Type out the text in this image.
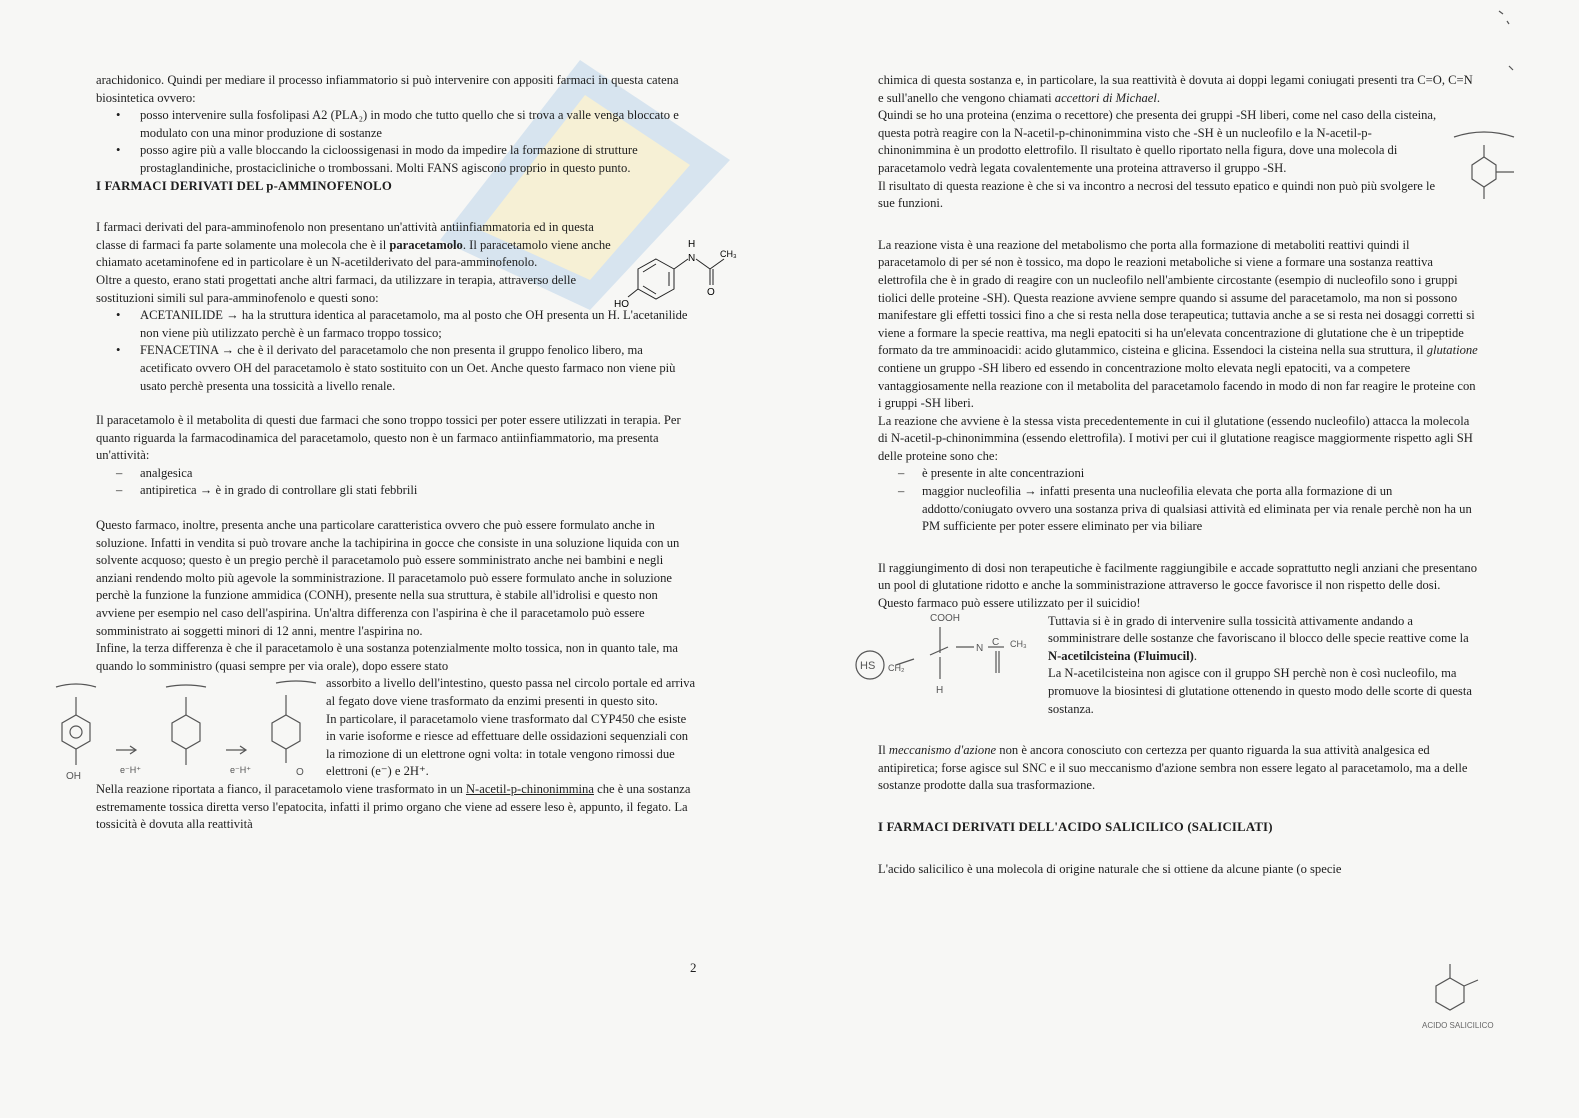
arachidonico. Quindi per mediare il processo infiammatorio si può intervenire con appositi farmaci in questa catena biosintetica ovvero:

• posso intervenire sulla fosfolipasi A2 (PLA₂) in modo che tutto quello che si trova a valle venga bloccato e modulato con una minor produzione di sostanze
• posso agire più a valle bloccando la cicloossigenasi in modo da impedire la formazione di strutture prostaglandiniche, prostacicliniche o trombossani. Molti FANS agiscono proprio in questo punto.
I FARMACI DERIVATI DEL p-AMMINOFENOLO

I farmaci derivati del para-amminofenolo non presentano un'attività antiinfiammatoria ed in questa classe di farmaci fa parte solamente una molecola che è il paracetamolo. Il paracetamolo viene anche chiamato acetaminofene ed in particolare è un N-acetilderivato del para-amminofenolo.

Oltre a questo, erano stati progettati anche altri farmaci, da utilizzare in terapia, attraverso delle sostituzioni simili sul para-amminofenolo e questi sono:

H
N	CH₃
O
HO
• ACETANILIDE → ha la struttura identica al paracetamolo, ma al posto che OH presenta un H. L'acetanilide non viene più utilizzato perchè è un farmaco troppo tossico;
• FENACETINA → che è il derivato del paracetamolo che non presenta il gruppo fenolico libero, ma acetificato ovvero OH del paracetamolo è stato sostituito con un Oet. Anche questo farmaco non viene più usato perchè presenta una tossicità a livello renale.

Il paracetamolo è il metabolita di questi due farmaci che sono troppo tossici per poter essere utilizzati in terapia. Per quanto riguarda la farmacodinamica del paracetamolo, questo non è un farmaco antiinfiammatorio, ma presenta un'attività:

– analgesica
– antipiretica → è in grado di controllare gli stati febbrili

Questo farmaco, inoltre, presenta anche una particolare caratteristica ovvero che può essere formulato anche in soluzione. Infatti in vendita si può trovare anche la tachipirina in gocce che consiste in una soluzione liquida con un solvente acquoso; questo è un pregio perchè il paracetamolo può essere somministrato anche nei bambini e negli anziani rendendo molto più agevole la somministrazione. Il paracetamolo può essere formulato anche in soluzione perchè la funzione la funzione ammidica (CONH), presente nella sua struttura, è stabile all'idrolisi e questo non avviene per esempio nel caso dell'aspirina. Un'altra differenza con l'aspirina è che il paracetamolo può essere somministrato ai soggetti minori di 12 anni, mentre l'aspirina no.

Infine, la terza differenza è che il paracetamolo è una sostanza potenzialmente molto tossica, non in quanto tale, ma quando lo somministro (quasi sempre per via orale), dopo essere stato

assorbito a livello dell'intestino, questo passa nel circolo portale ed arriva al fegato dove viene trasformato da enzimi presenti in questo sito.

In particolare, il paracetamolo viene trasformato dal CYP450 che esiste in varie isoforme e riesce ad effettuare delle ossidazioni sequenziali con la rimozione di un elettrone ogni volta: in totale vengono rimossi due elettroni (e⁻) e 2H⁺.

OH
e⁻H⁺	e⁻H⁺	O

Nella reazione riportata a fianco, il paracetamolo viene trasformato in un N-acetil-p-chinonimmina che è una sostanza estremamente tossica diretta verso l'epatocita, infatti il primo organo che viene ad essere leso è, appunto, il fegato. La tossicità è dovuta alla reattività

2

chimica di questa sostanza e, in particolare, la sua reattività è dovuta ai doppi legami coniugati presenti tra C=O, C=N e sull'anello che vengono chiamati accettori di Michael.

Quindi se ho una proteina (enzima o recettore) che presenta dei gruppi -SH liberi, come nel caso della cisteina, questa potrà reagire con la N-acetil-p-chinonimmina visto che -SH è un nucleofilo e la N-acetil-p-chinonimmina è un prodotto elettrofilo. Il risultato è quello riportato nella figura, dove una molecola di paracetamolo vedrà legata covalentemente una proteina attraverso il gruppo -SH.

Il risultato di questa reazione è che si va incontro a necrosi del tessuto epatico e quindi non può più svolgere le sue funzioni.

La reazione vista è una reazione del metabolismo che porta alla formazione di metaboliti reattivi quindi il paracetamolo di per sé non è tossico, ma dopo le reazioni metaboliche si viene a formare una sostanza reattiva elettrofila che è in grado di reagire con un nucleofilo nell'ambiente circostante (esempio di nucleofilo sono i gruppi tiolici delle proteine -SH). Questa reazione avviene sempre quando si assume del paracetamolo, ma non si possono manifestare gli effetti tossici fino a che si resta nella dose terapeutica; tuttavia anche a se si resta nei dosaggi corretti si viene a formare la specie reattiva, ma negli epatociti si ha un'elevata concentrazione di glutatione che è un tripeptide formato da tre amminoacidi: acido glutammico, cisteina e glicina. Essendoci la cisteina nella sua struttura, il glutatione contiene un gruppo -SH libero ed essendo in concentrazione molto elevata negli epatociti, va a competere vantaggiosamente nella reazione con il metabolita del paracetamolo facendo in modo di non far reagire le proteine con i gruppi -SH liberi.

La reazione che avviene è la stessa vista precedentemente in cui il glutatione (essendo nucleofilo) attacca la molecola di N-acetil-p-chinonimmina (essendo elettrofila). I motivi per cui il glutatione reagisce maggiormente rispetto agli SH delle proteine sono che:

– è presente in alte concentrazioni
– maggior nucleofilia → infatti presenta una nucleofilia elevata che porta alla formazione di un addotto/coniugato ovvero una sostanza priva di qualsiasi attività ed eliminata per via renale perchè non ha un PM sufficiente per poter essere eliminato per via biliare

Il raggiungimento di dosi non terapeutiche è facilmente raggiungibile e accade soprattutto negli anziani che presentano un pool di glutatione ridotto e anche la somministrazione attraverso le gocce favorisce il non rispetto delle dosi. Questo farmaco può essere utilizzato per il suicidio!

Tuttavia si è in grado di intervenire sulla tossicità attivamente andando a somministrare delle sostanze che favoriscano il blocco delle specie reattive come la N-acetilcisteina (Fluimucil).

La N-acetilcisteina non agisce con il gruppo SH perchè non è così nucleofilo, ma promuove la biosintesi di glutatione ottenendo in questo modo delle scorte di questa sostanza.

COOH
HS CH₂
N
C CH₃
H

Il meccanismo d'azione non è ancora conosciuto con certezza per quanto riguarda la sua attività analgesica ed antipiretica; forse agisce sul SNC e il suo meccanismo d'azione sembra non essere legato al paracetamolo, ma a delle sostanze prodotte dalla sua trasformazione.

I FARMACI DERIVATI DELL'ACIDO SALICILICO (SALICILATI)

L'acido salicilico è una molecola di origine naturale che si ottiene da alcune piante (o specie

ACIDO SALICILICO
